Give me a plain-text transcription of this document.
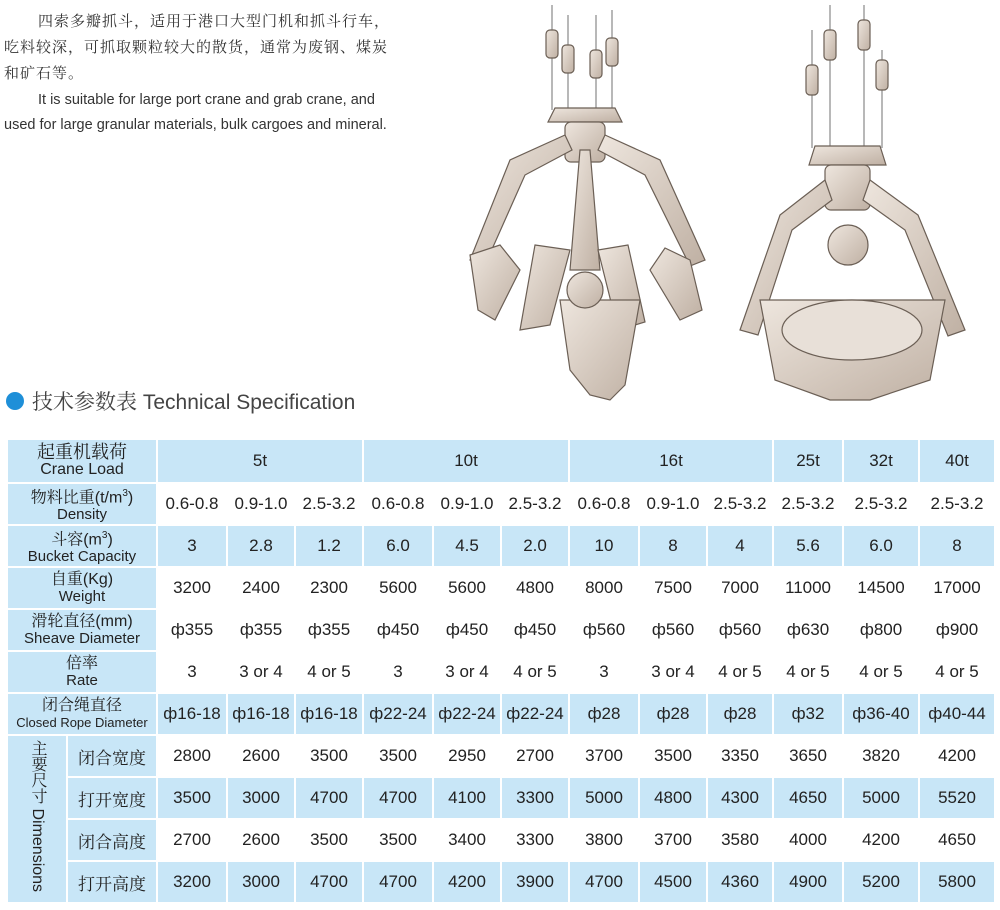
四索多瓣抓斗，适用于港口大型门机和抓斗行车，吃料较深，可抓取颗粒较大的散货，通常为废钢、煤炭和矿石等。

It is suitable for large port crane and grab crane, and used for large granular materials, bulk cargoes and mineral.

技术参数表 Technical Specification
起重机载荷
Crane Load		5t			10t			16t			25t	32t	40t

物料比重$(t/m^3)$
Density		0.6-0.8	0.9-1.0	2.5-3.2	0.6-0.8	0.9-1.0	2.5-3.2	0.6-0.8	0.9-1.0	2.5-3.2	2.5-3.2	2.5-3.2	2.5-3.2

斗容$(m^3)$
Bucket Capacity		3	2.8	1.2	6.0	4.5	2.0	10	8	4	5.6	6.0	8

自重(Kg)
Weight		3200	2400	2300	5600	5600	4800	8000	7500	7000	11000	14500	17000

滑轮直径(mm)
Sheave Diameter		ф355	ф355	ф355	ф450	ф450	ф450	ф560	ф560	ф560	ф630	ф800	ф900

倍率
Rate		3	3 or 4	4 or 5	3	3 or 4	4 or 5	3	3 or 4	4 or 5	4 or 5	4 or 5	4 or 5

闭合绳直径
Closed Rope Diameter		ф16-18	ф16-18	ф16-18	ф22-24	ф22-24	ф22-24	ф28	ф28	ф28	ф32	ф36-40	ф40-44
主要尺寸 Dimensions	闭合宽度	2800	2600	3500	3500	2950	2700	3700	3500	3350	3650	3820	4200
	打开宽度	3500	3000	4700	4700	4100	3300	5000	4800	4300	4650	5000	5520
	闭合高度	2700	2600	3500	3500	3400	3300	3800	3700	3580	4000	4200	4650
	打开高度	3200	3000	4700	4700	4200	3900	4700	4500	4360	4900	5200	5800
